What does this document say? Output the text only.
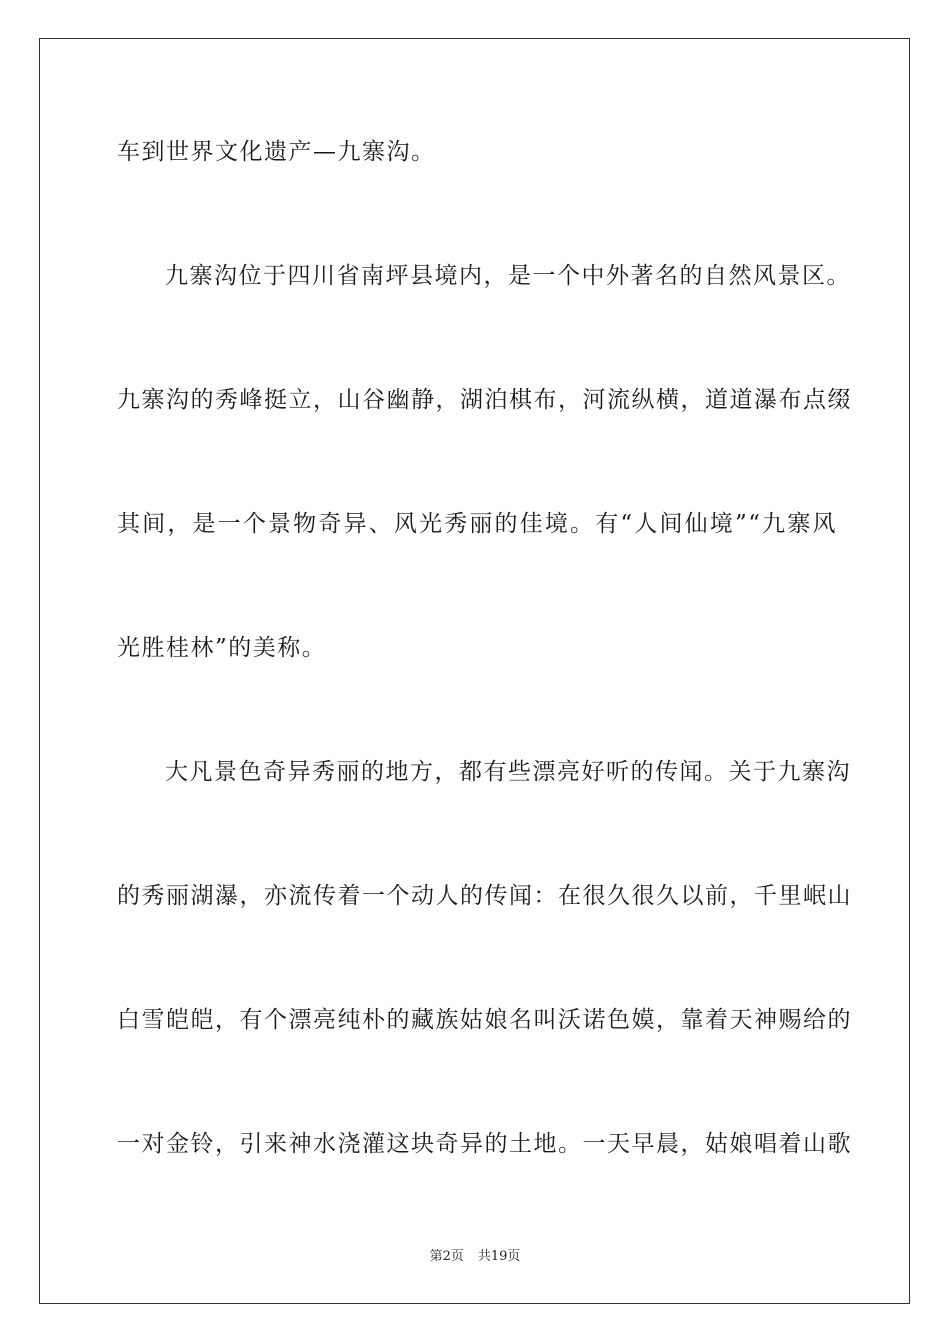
车到世界文化遗产—九寨沟。
九寨沟位于四川省南坪县境内，是一个中外著名的自然风景区。
九寨沟的秀峰挺立，山谷幽静，湖泊棋布，河流纵横，道道瀑布点缀
其间，是一个景物奇异、风光秀丽的佳境。有“人间仙境”“九寨风
光胜桂林”的美称。
大凡景色奇异秀丽的地方，都有些漂亮好听的传闻。关于九寨沟
的秀丽湖瀑，亦流传着一个动人的传闻：在很久很久以前，千里岷山
白雪皑皑，有个漂亮纯朴的藏族姑娘名叫沃诺色嫫，靠着天神赐给的
一对金铃，引来神水浇灌这块奇异的土地。一天早晨，姑娘唱着山歌
第2页 共19页
